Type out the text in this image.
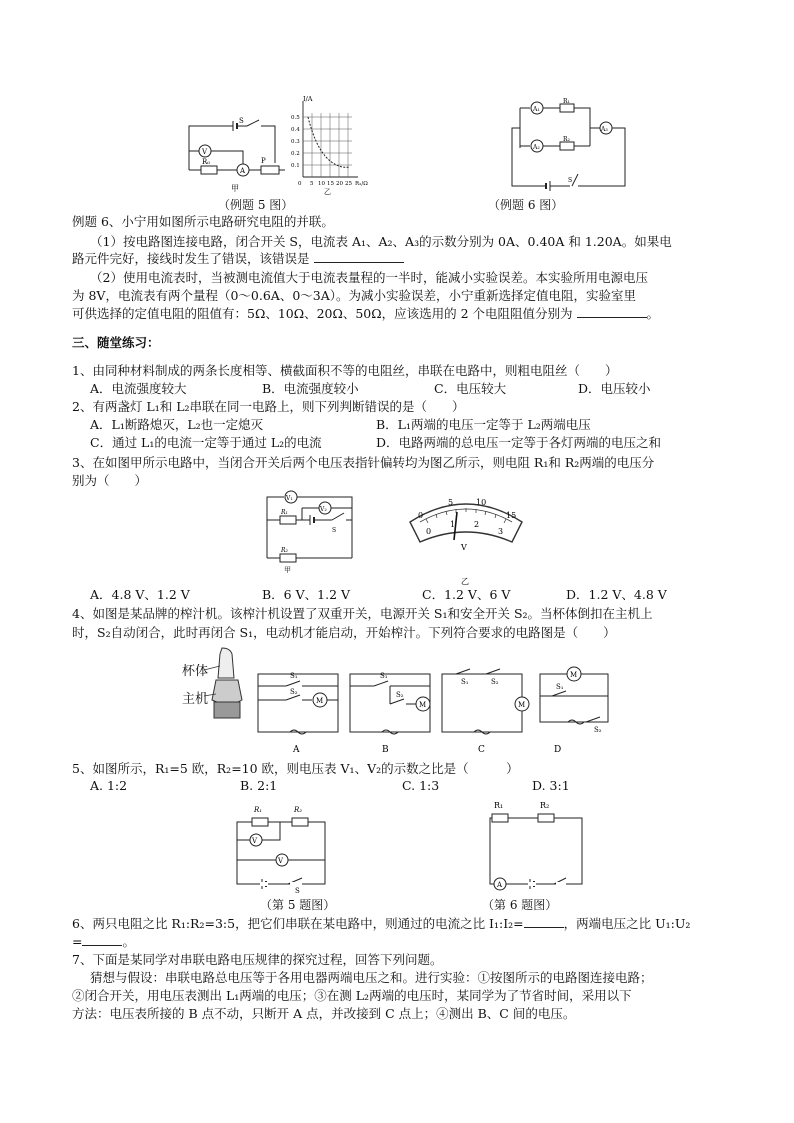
S
R₀	P
V
A
甲
I/A
0.5
0.4
0.3
0.2
0.1
0 5 10 15 20 25 R₂/Ω
乙
（例题 5 图）
A₁
A₂
A₃
R₁
R₂
S
（例题 6 图）
例题 6、小宁用如图所示电路研究电阻的并联。
（1）按电路图连接电路，闭合开关 S，电流表 A₁、A₂、A₃的示数分别为 0A、0.40A 和 1.20A。如果电
路元件完好，接线时发生了错误，该错误是
（2）使用电流表时，当被测电流值大于电流表量程的一半时，能减小实验误差。本实验所用电源电压
为 8V，电流表有两个量程（0～0.6A、0～3A）。为减小实验误差，小宁重新选择定值电阻，实验室里
可供选择的定值电阻的阻值有：5Ω、10Ω、20Ω、50Ω，应该选用的 2 个电阻阻值分别为	。
三、随堂练习：
1、由同种材料制成的两条长度相等、横截面积不等的电阻丝，串联在电路中，则粗电阻丝（　　）
A．电流强度较大	B．电流强度较小	C．电压较大	D．电压较小
2、有两盏灯 L₁和 L₂串联在同一电路上，则下列判断错误的是（　　）
A．L₁断路熄灭，L₂也一定熄灭	B．L₁两端的电压一定等于 L₂两端电压
C．通过 L₁的电流一定等于通过 L₂的电流	D．电路两端的总电压一定等于各灯两端的电压之和
3、在如图甲所示电路中，当闭合开关后两个电压表指针偏转均为图乙所示，则电阻 R₁和 R₂两端的电压分
别为（　　）
V₁
V₂
R₁
R₂
S
甲
0
5	10
15
0
1 2
3
V
乙
A．4.8 V、1.2 V	B．6 V、1.2 V	C．1.2 V、6 V	D．1.2 V、4.8 V
4、如图是某品牌的榨汁机。该榨汁机设置了双重开关，电源开关 S₁和安全开关 S₂。当杯体倒扣在主机上
时，S₂自动闭合，此时再闭合 S₁，电动机才能启动，开始榨汁。下列符合要求的电路图是（　　）
杯体
主机
S₁
S₂
M
S₁
S₂
M
S₁	S₂
M
M
S₁
S₂
A	B	C	D
5、如图所示，R₁=5 欧，R₂=10 欧，则电压表 V₁、V₂的示数之比是（　　　）
A. 1:2	B. 2:1	C. 1:3	D. 3:1
R₁	R₂
V
V
S
（第 5 题图）
R₁	R₂
A
（第 6 题图）
6、两只电阻之比 R₁:R₂=3:5，把它们串联在某电路中，则通过的电流之比 I₁:I₂=	，两端电压之比 U₁:U₂
=	。
7、下面是某同学对串联电路电压规律的探究过程，回答下列问题。
猜想与假设：串联电路总电压等于各用电器两端电压之和。进行实验：①按图所示的电路图连接电路；
②闭合开关，用电压表测出 L₁两端的电压；③在测 L₂两端的电压时，某同学为了节省时间，采用以下
方法：电压表所接的 B 点不动，只断开 A 点，并改接到 C 点上；④测出 B、C 间的电压。
